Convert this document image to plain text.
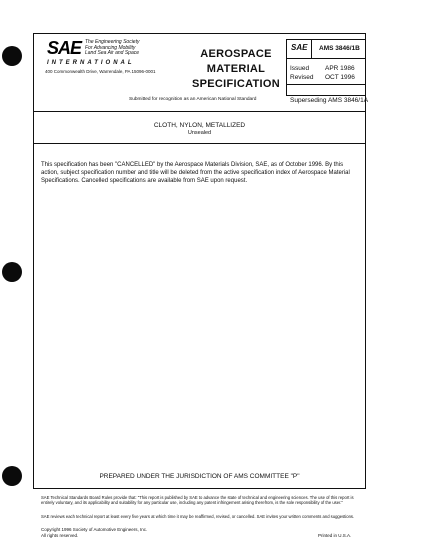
SAE The Engineering Society
For Advancing Mobility
Land Sea Air and Space
INTERNATIONAL
400 Commonwealth Drive, Warrendale, PA 15096-0001
AEROSPACE
MATERIAL
SPECIFICATION
Submitted for recognition as an American National Standard
SAE AMS 3846/1B
Issued APR 1986
Revised OCT 1996
Superseding AMS 3846/1A
CLOTH, NYLON, METALLIZED
Unsealed
This specification has been "CANCELLED" by the Aerospace Materials Division, SAE, as of October 1996. By this action, subject specification number and title will be deleted from the active specification index of Aerospace Material Specifications. Cancelled specifications are available from SAE upon request.
PREPARED UNDER THE JURISDICTION OF AMS COMMITTEE "P"
SAE Technical Standards Board Rules provide that: "This report is published by SAE to advance the state of technical and engineering sciences. The use of this report is entirely voluntary, and its applicability and suitability for any particular use, including any patent infringement arising therefrom, is the sole responsibility of the user."
SAE reviews each technical report at least every five years at which time it may be reaffirmed, revised, or cancelled. SAE invites your written comments and suggestions.
Copyright 1996 Society of Automotive Engineers, Inc.
All rights reserved.	Printed in U.S.A.
